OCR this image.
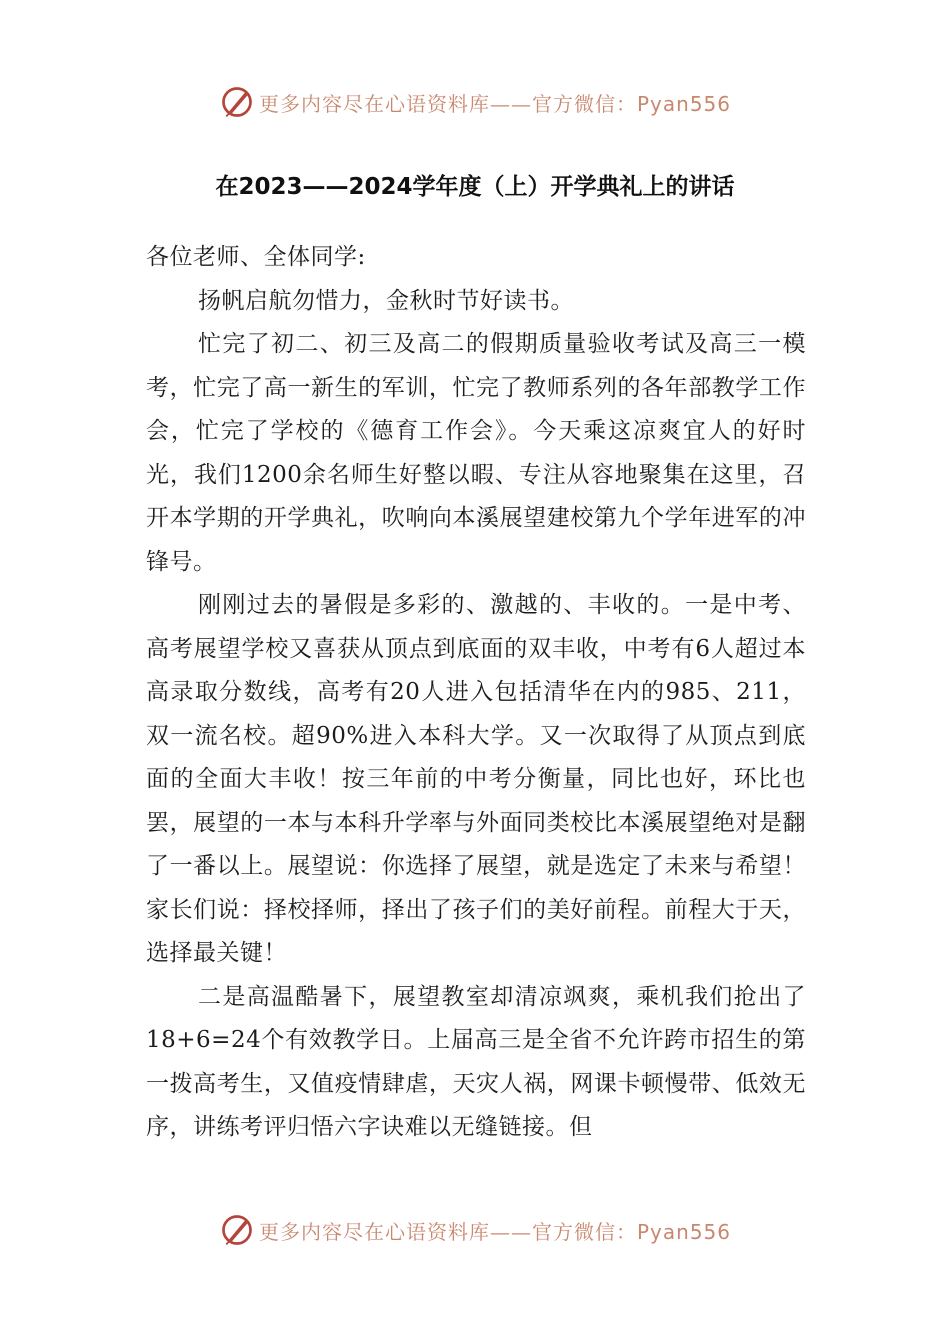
更多内容尽在心语资料库——官方微信：Pyan556
在2023——2024学年度（上）开学典礼上的讲话

各位老师、全体同学:

扬帆启航勿惜力，金秋时节好读书。

忙完了初二、初三及高二的假期质量验收考试及高三一模考，忙完了高一新生的军训，忙完了教师系列的各年部教学工作会，忙完了学校的《德育工作会》。今天乘这凉爽宜人的好时光，我们1200余名师生好整以暇、专注从容地聚集在这里，召开本学期的开学典礼，吹响向本溪展望建校第九个学年进军的冲锋号。

刚刚过去的暑假是多彩的、激越的、丰收的。一是中考、高考展望学校又喜获从顶点到底面的双丰收，中考有6人超过本高录取分数线，高考有20人进入包括清华在内的985、211，双一流名校。超90%进入本科大学。又一次取得了从顶点到底面的全面大丰收！按三年前的中考分衡量，同比也好，环比也罢，展望的一本与本科升学率与外面同类校比本溪展望绝对是翻了一番以上。展望说：你选择了展望，就是选定了未来与希望！家长们说：择校择师，择出了孩子们的美好前程。前程大于天，选择最关键！

二是高温酷暑下，展望教室却清凉飒爽，乘机我们抢出了18+6=24个有效教学日。上届高三是全省不允许跨市招生的第一拨高考生，又值疫情肆虐，天灾人祸，网课卡顿慢带、低效无序，讲练考评归悟六字诀难以无缝链接。但

更多内容尽在心语资料库——官方微信：Pyan556
